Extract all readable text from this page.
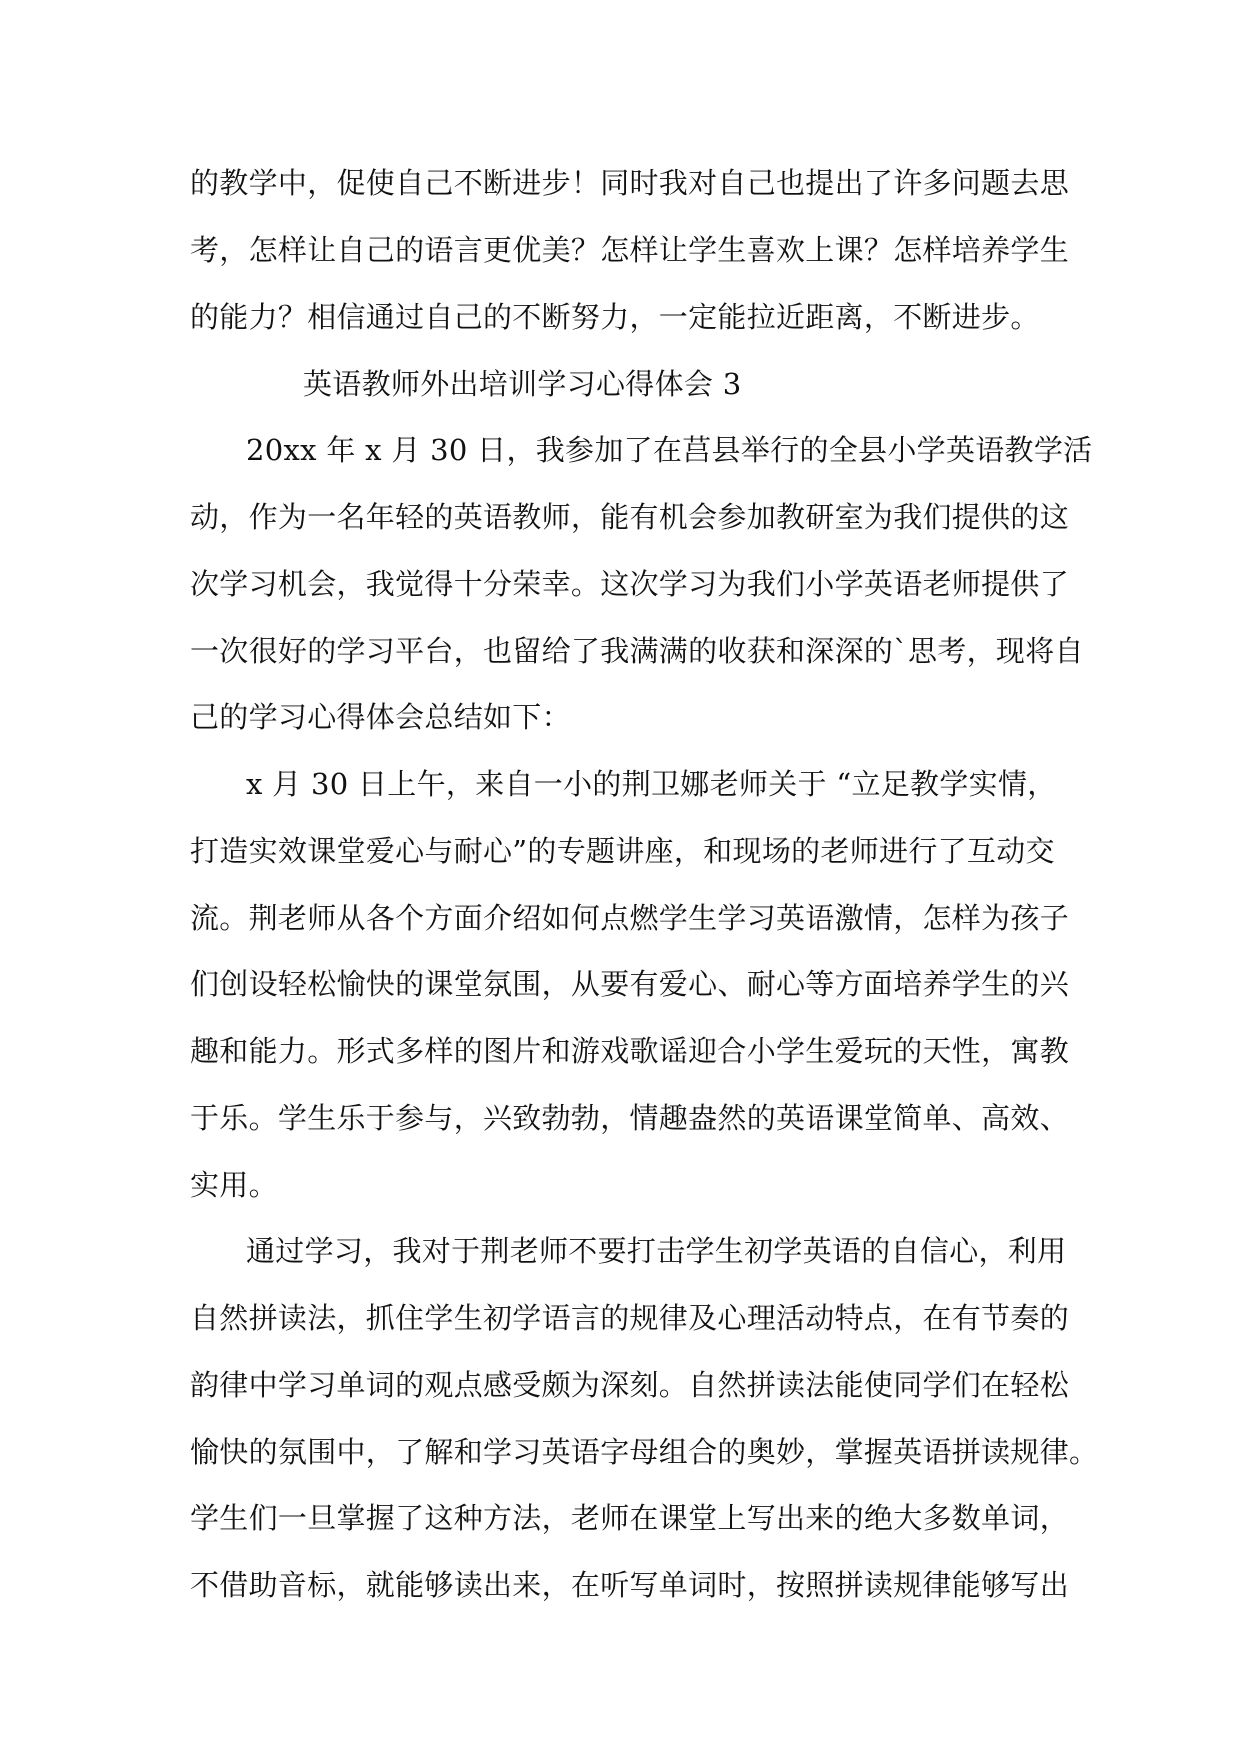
的教学中，促使自己不断进步！同时我对自己也提出了许多问题去思
考，怎样让自己的语言更优美？怎样让学生喜欢上课？怎样培养学生
的能力？相信通过自己的不断努力，一定能拉近距离，不断进步。
英语教师外出培训学习心得体会 3
20xx 年 x 月 30 日，我参加了在莒县举行的全县小学英语教学活
动，作为一名年轻的英语教师，能有机会参加教研室为我们提供的这
次学习机会，我觉得十分荣幸。这次学习为我们小学英语老师提供了
一次很好的学习平台，也留给了我满满的收获和深深的`思考，现将自
己的学习心得体会总结如下：
x 月 30 日上午，来自一小的荆卫娜老师关于 “立足教学实情，
打造实效课堂爱心与耐心”的专题讲座，和现场的老师进行了互动交
流。荆老师从各个方面介绍如何点燃学生学习英语激情，怎样为孩子
们创设轻松愉快的课堂氛围，从要有爱心、耐心等方面培养学生的兴
趣和能力。形式多样的图片和游戏歌谣迎合小学生爱玩的天性，寓教
于乐。学生乐于参与，兴致勃勃，情趣盎然的英语课堂简单、高效、
实用。
通过学习，我对于荆老师不要打击学生初学英语的自信心，利用
自然拼读法，抓住学生初学语言的规律及心理活动特点，在有节奏的
韵律中学习单词的观点感受颇为深刻。自然拼读法能使同学们在轻松
愉快的氛围中，了解和学习英语字母组合的奥妙，掌握英语拼读规律。
学生们一旦掌握了这种方法，老师在课堂上写出来的绝大多数单词，
不借助音标，就能够读出来，在听写单词时，按照拼读规律能够写出
